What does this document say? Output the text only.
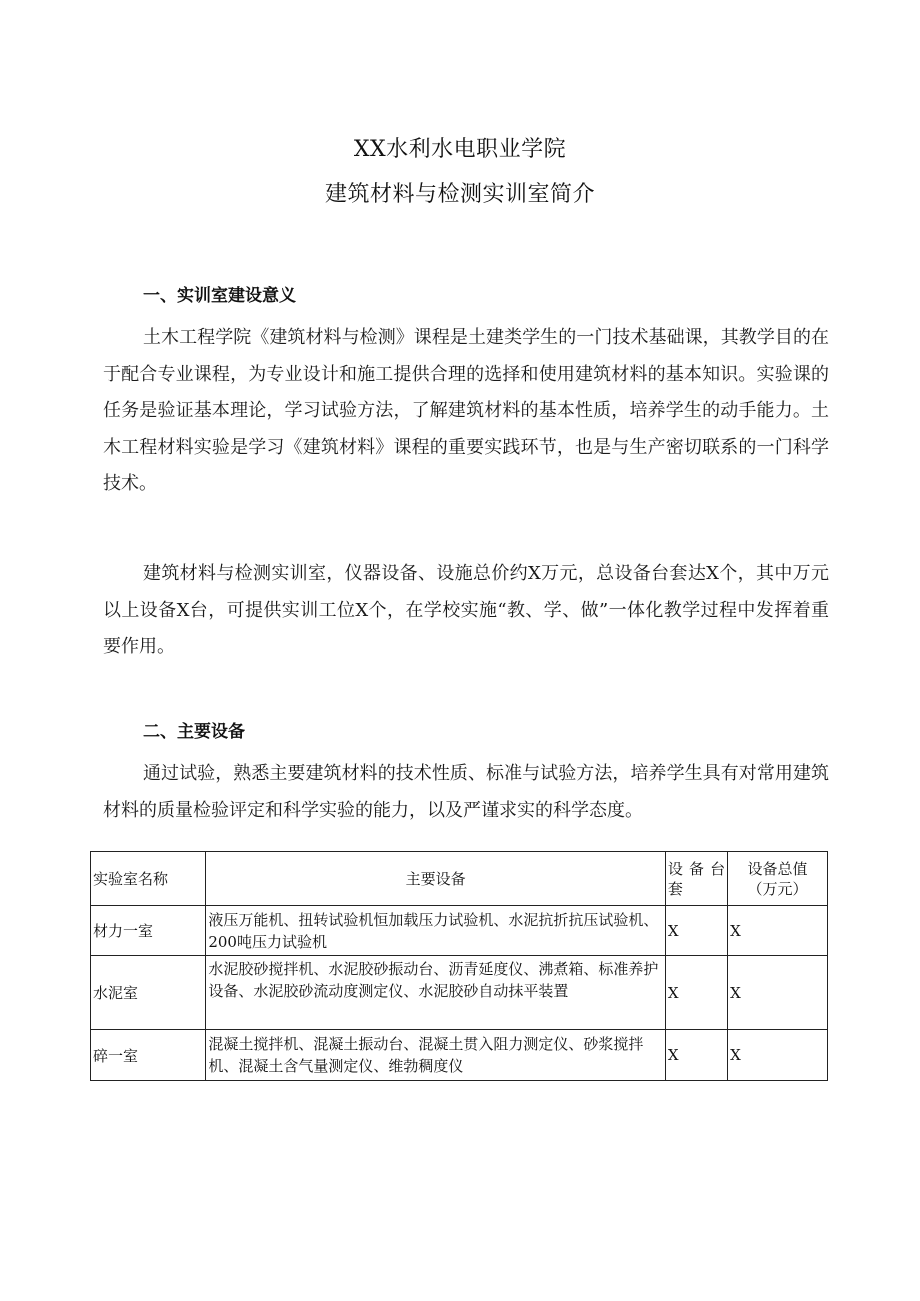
XX水利水电职业学院
建筑材料与检测实训室简介
一、实训室建设意义
土木工程学院《建筑材料与检测》课程是土建类学生的一门技术基础课，其教学目的在于配合专业课程，为专业设计和施工提供合理的选择和使用建筑材料的基本知识。实验课的任务是验证基本理论，学习试验方法，了解建筑材料的基本性质，培养学生的动手能力。土木工程材料实验是学习《建筑材料》课程的重要实践环节，也是与生产密切联系的一门科学技术。
建筑材料与检测实训室，仪器设备、设施总价约X万元，总设备台套达X个，其中万元以上设备X台，可提供实训工位X个，在学校实施“教、学、做”一体化教学过程中发挥着重要作用。
二、主要设备
通过试验，熟悉主要建筑材料的技术性质、标准与试验方法，培养学生具有对常用建筑材料的质量检验评定和科学实验的能力，以及严谨求实的科学态度。
实验室名称	主要设备	设备台套	设备总值
（万元）
材力一室	液压万能机、扭转试验机恒加载压力试验机、水泥抗折抗压试验机、200吨压力试验机	X	X
水泥室	水泥胶砂搅拌机、水泥胶砂振动台、沥青延度仪、沸煮箱、标准养护设备、水泥胶砂流动度测定仪、水泥胶砂自动抹平装置	X	X
碎一室	混凝土搅拌机、混凝土振动台、混凝土贯入阻力测定仪、砂浆搅拌机、混凝土含气量测定仪、维勃稠度仪	X	X
